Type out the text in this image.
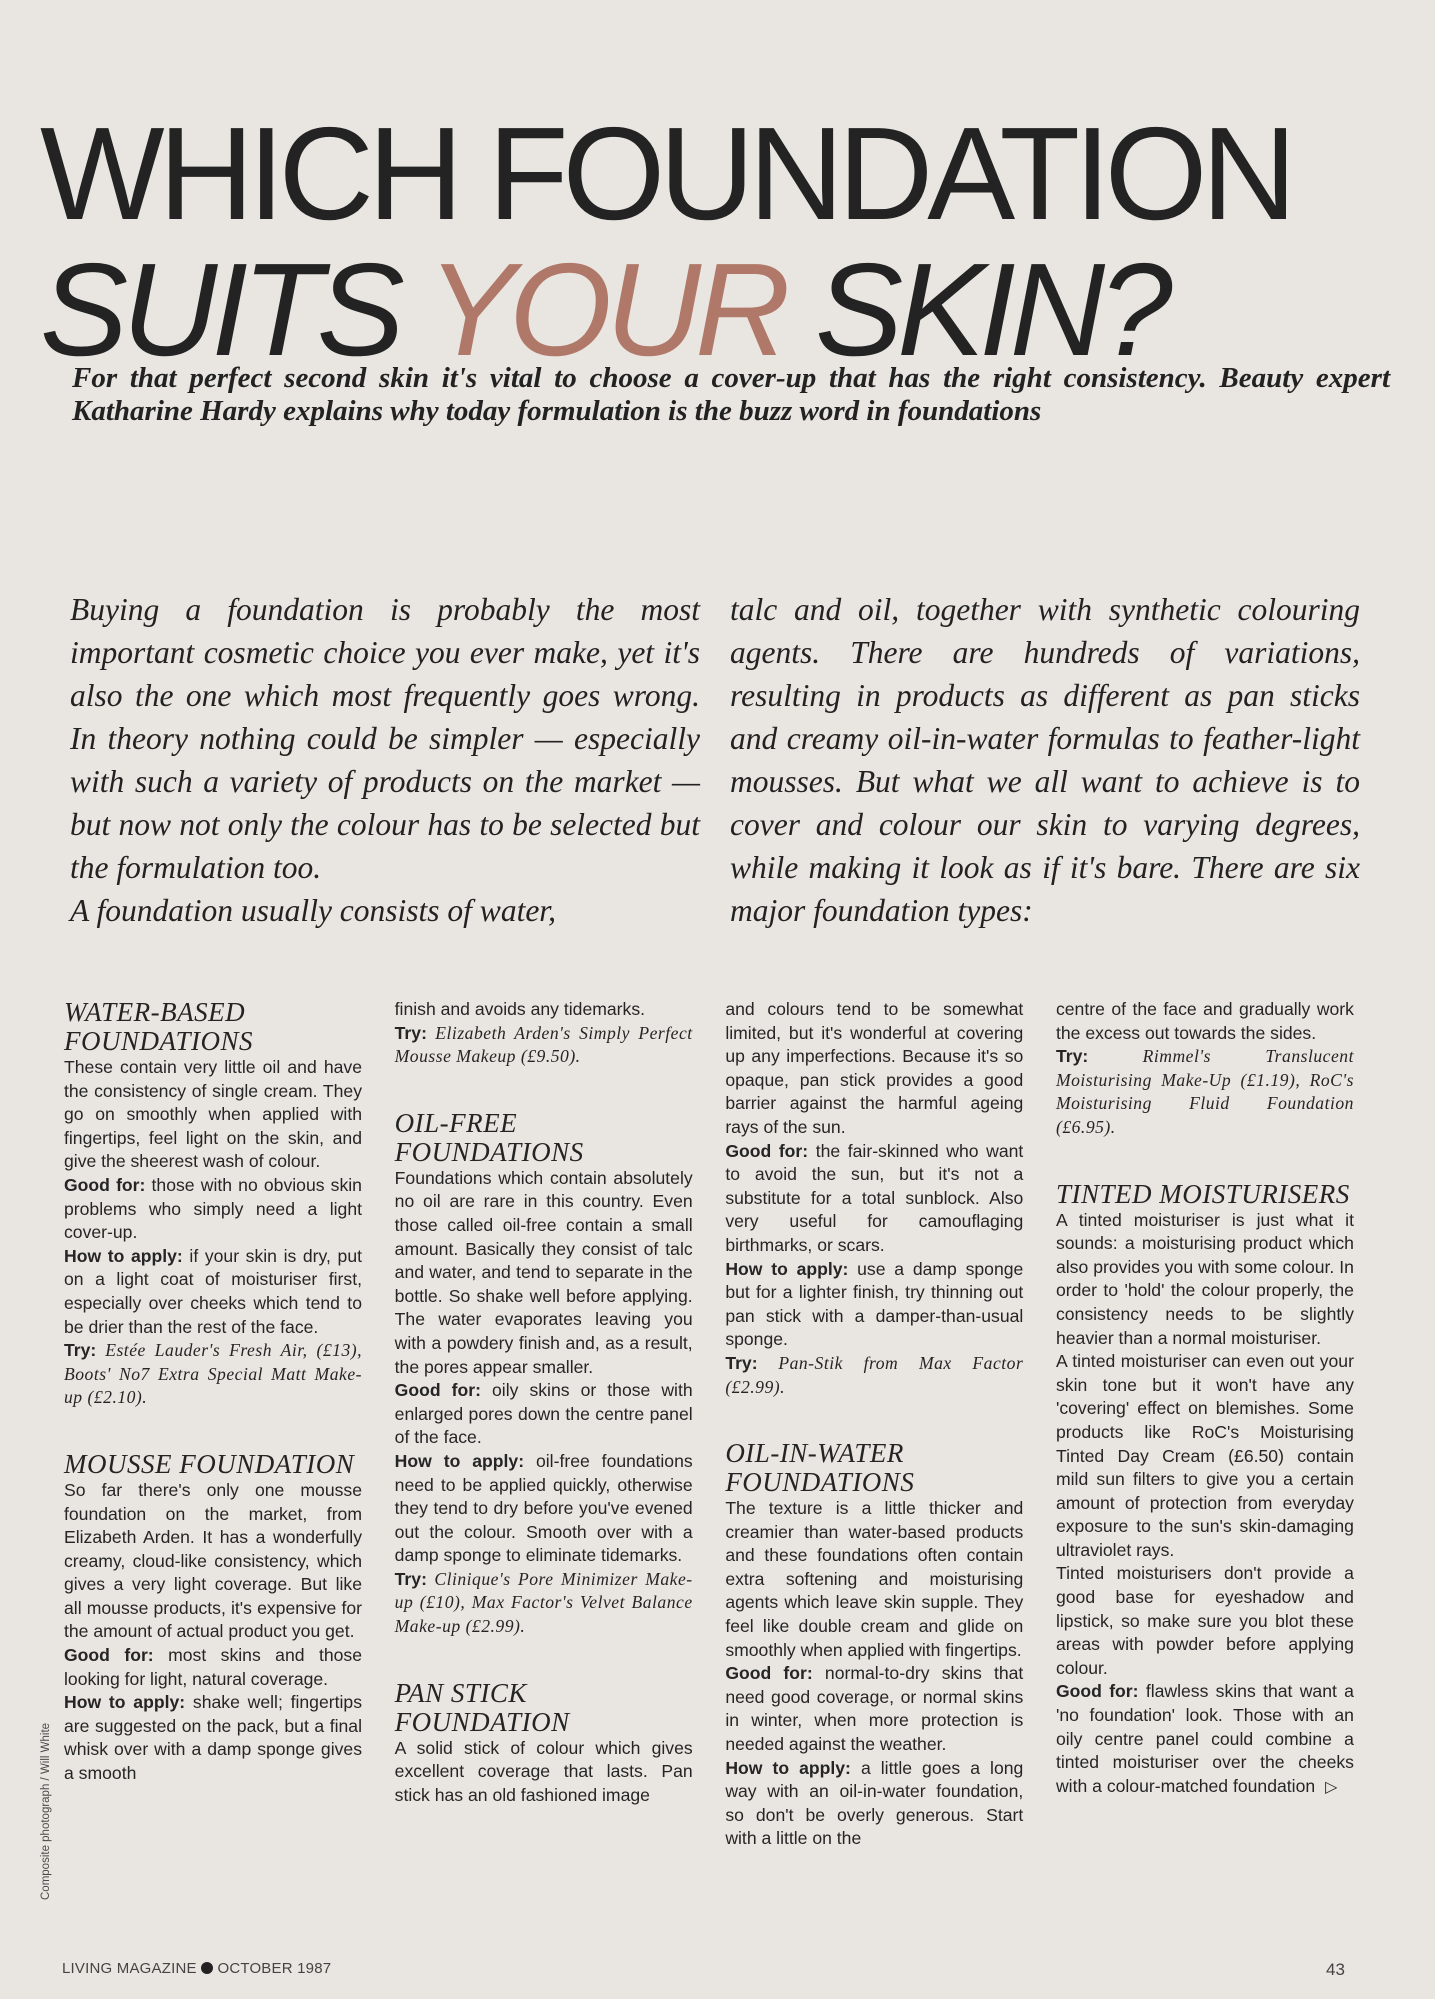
WHICH FOUNDATION
SUITS YOUR SKIN?

For that perfect second skin it's vital to choose a cover-up that has the right consistency. Beauty expert Katharine Hardy explains why today formulation is the buzz word in foundations

Buying a foundation is probably the most important cosmetic choice you ever make, yet it's also the one which most frequently goes wrong. In theory nothing could be simpler — especially with such a variety of products on the market — but now not only the colour has to be selected but the formulation too.
A foundation usually consists of water,

talc and oil, together with synthetic colouring agents. There are hundreds of variations, resulting in products as different as pan sticks and creamy oil-in-water formulas to feather-light mousses. But what we all want to achieve is to cover and colour our skin to varying degrees, while making it look as if it's bare. There are six major foundation types:

WATER-BASED FOUNDATIONS

These contain very little oil and have the consistency of single cream. They go on smoothly when applied with fingertips, feel light on the skin, and give the sheerest wash of colour.

Good for: those with no obvious skin problems who simply need a light cover-up.

How to apply: if your skin is dry, put on a light coat of moisturiser first, especially over cheeks which tend to be drier than the rest of the face.

Try: Estée Lauder's Fresh Air, (£13), Boots' No7 Extra Special Matt Make-up (£2.10).

MOUSSE FOUNDATION

So far there's only one mousse foundation on the market, from Elizabeth Arden. It has a wonderfully creamy, cloud-like consistency, which gives a very light coverage. But like all mousse products, it's expensive for the amount of actual product you get.

Good for: most skins and those looking for light, natural coverage.

How to apply: shake well; fingertips are suggested on the pack, but a final whisk over with a damp sponge gives a smooth

finish and avoids any tidemarks.

Try: Elizabeth Arden's Simply Perfect Mousse Makeup (£9.50).

OIL-FREE FOUNDATIONS

Foundations which contain absolutely no oil are rare in this country. Even those called oil-free contain a small amount. Basically they consist of talc and water, and tend to separate in the bottle. So shake well before applying. The water evaporates leaving you with a powdery finish and, as a result, the pores appear smaller.

Good for: oily skins or those with enlarged pores down the centre panel of the face.

How to apply: oil-free foundations need to be applied quickly, otherwise they tend to dry before you've evened out the colour. Smooth over with a damp sponge to eliminate tidemarks.

Try: Clinique's Pore Minimizer Make-up (£10), Max Factor's Velvet Balance Make-up (£2.99).

PAN STICK FOUNDATION

A solid stick of colour which gives excellent coverage that lasts. Pan stick has an old fashioned image

and colours tend to be somewhat limited, but it's wonderful at covering up any imperfections. Because it's so opaque, pan stick provides a good barrier against the harmful ageing rays of the sun.

Good for: the fair-skinned who want to avoid the sun, but it's not a substitute for a total sunblock. Also very useful for camouflaging birthmarks, or scars.

How to apply: use a damp sponge but for a lighter finish, try thinning out pan stick with a damper-than-usual sponge.

Try: Pan-Stik from Max Factor (£2.99).

OIL-IN-WATER FOUNDATIONS

The texture is a little thicker and creamier than water-based products and these foundations often contain extra softening and moisturising agents which leave skin supple. They feel like double cream and glide on smoothly when applied with fingertips.

Good for: normal-to-dry skins that need good coverage, or normal skins in winter, when more protection is needed against the weather.

How to apply: a little goes a long way with an oil-in-water foundation, so don't be overly generous. Start with a little on the

centre of the face and gradually work the excess out towards the sides.

Try: Rimmel's Translucent Moisturising Make-Up (£1.19), RoC's Moisturising Fluid Foundation (£6.95).

TINTED MOISTURISERS

A tinted moisturiser is just what it sounds: a moisturising product which also provides you with some colour. In order to 'hold' the colour properly, the consistency needs to be slightly heavier than a normal moisturiser.

A tinted moisturiser can even out your skin tone but it won't have any 'covering' effect on blemishes. Some products like RoC's Moisturising Tinted Day Cream (£6.50) contain mild sun filters to give you a certain amount of protection from everyday exposure to the sun's skin-damaging ultraviolet rays.

Tinted moisturisers don't provide a good base for eyeshadow and lipstick, so make sure you blot these areas with powder before applying colour.

Good for: flawless skins that want a 'no foundation' look. Those with an oily centre panel could combine a tinted moisturiser over the cheeks with a colour-matched foundation ▷

Composite photograph / Will White
LIVING MAGAZINE OCTOBER 1987	43
